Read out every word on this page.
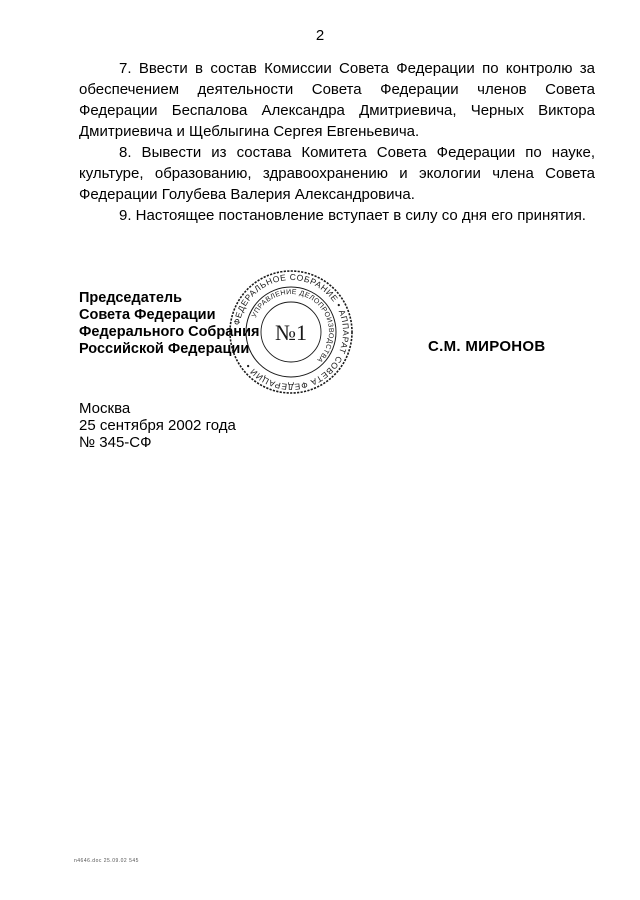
2

7. Ввести в состав Комиссии Совета Федерации по контролю за обеспечением деятельности Совета Федерации членов Совета Федерации Беспалова Александра Дмитриевича, Черных Виктора Дмитриевича и Щеблыгина Сергея Евгеньевича.

8. Вывести из состава Комитета Совета Федерации по науке, культуре, образованию, здравоохранению и экологии члена Совета Федерации Голубева Валерия Александровича.

9. Настоящее постановление вступает в силу со дня его принятия.

Председатель
Совета Федерации
Федерального Собрания
Российской Федерации
ФЕДЕРАЛЬНОЕ СОБРАНИЕ • АППАРАТ СОВЕТА ФЕДЕРАЦИИ •
УПРАВЛЕНИЕ ДЕЛОПРОИЗВОДСТВА
№1
С.М. МИРОНОВ
Москва
25 сентября 2002 года
№ 345-СФ
n4646.doc 25.09.02 545
